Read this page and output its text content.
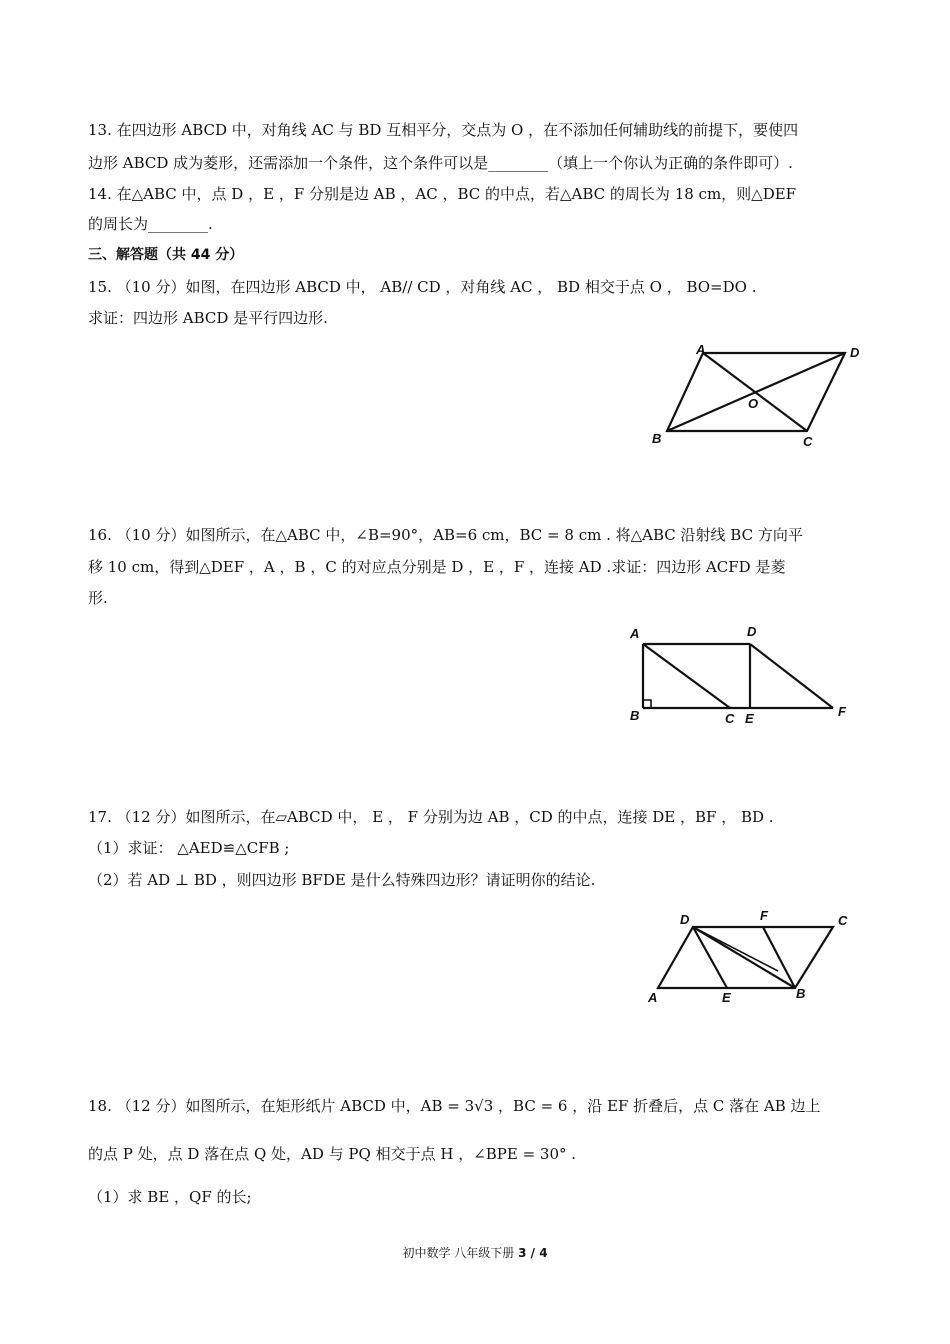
13. 在四边形 ABCD 中，对角线 AC 与 BD 互相平分，交点为 O ，在不添加任何辅助线的前提下，要使四
边形 ABCD 成为菱形，还需添加一个条件，这个条件可以是________（填上一个你认为正确的条件即可）.
14. 在△ABC 中，点 D ，E ，F 分别是边 AB ，AC ，BC 的中点，若△ABC 的周长为 18 cm，则△DEF
的周长为________.
三、解答题（共 44 分）
15. （10 分）如图，在四边形 ABCD 中， AB// CD ，对角线 AC ， BD 相交于点 O ， BO=DO .
求证：四边形 ABCD 是平行四边形.
A	D
O
B	C
16. （10 分）如图所示，在△ABC 中，∠B=90°，AB=6 cm，BC = 8 cm . 将△ABC 沿射线 BC 方向平
移 10 cm，得到△DEF ，A ，B ，C 的对应点分别是 D ，E ，F ，连接 AD .求证：四边形 ACFD 是菱
形.
A	D
B	C E	F
17. （12 分）如图所示，在▱ABCD 中， E ， F 分别为边 AB ，CD 的中点，连接 DE ，BF ， BD .
（1）求证： △AED≌△CFB ;
（2）若 AD ⊥ BD ，则四边形 BFDE 是什么特殊四边形？请证明你的结论.
D	F	C
A	E	B
18. （12 分）如图所示，在矩形纸片 ABCD 中，AB = 3√3 ，BC = 6 ，沿 EF 折叠后，点 C 落在 AB 边上
的点 P 处，点 D 落在点 Q 处，AD 与 PQ 相交于点 H ，∠BPE = 30° .
（1）求 BE ，QF 的长;
初中数学 八年级下册 3 / 4
